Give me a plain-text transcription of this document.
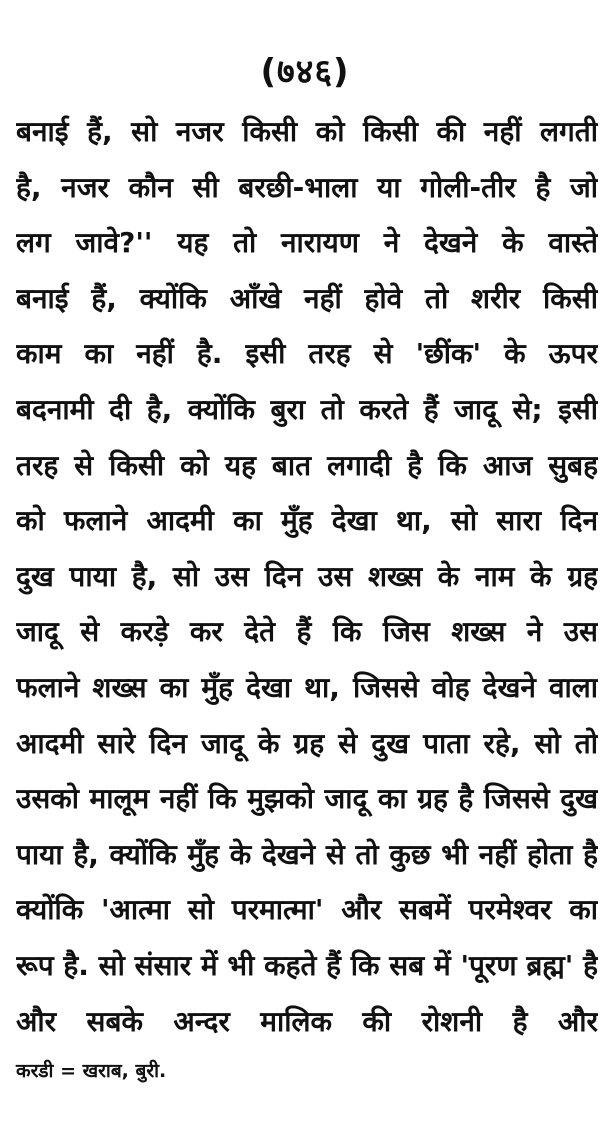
(७४६)
बनाई हैं, सो नजर किसी को किसी की नहीं लगती
है, नजर कौन सी बरछी-भाला या गोली-तीर है जो
लग जावे?'' यह तो नारायण ने देखने के वास्ते
बनाई हैं, क्योंकि आँखे नहीं होवे तो शरीर किसी
काम का नहीं है. इसी तरह से 'छींक' के ऊपर
बदनामी दी है, क्योंकि बुरा तो करते हैं जादू से; इसी
तरह से किसी को यह बात लगादी है कि आज सुबह
को फलाने आदमी का मुँह देखा था, सो सारा दिन
दुख पाया है, सो उस दिन उस शख्स के नाम के ग्रह
जादू से करड़े कर देते हैं कि जिस शख्स ने उस
फलाने शख्स का मुँह देखा था, जिससे वोह देखने वाला
आदमी सारे दिन जादू के ग्रह से दुख पाता रहे, सो तो
उसको मालूम नहीं कि मुझको जादू का ग्रह है जिससे दुख
पाया है, क्योंकि मुँह के देखने से तो कुछ भी नहीं होता है
क्योंकि 'आत्मा सो परमात्मा' और सबमें परमेश्वर का
रूप है. सो संसार में भी कहते हैं कि सब में 'पूरण ब्रह्म' है
और सबके अन्दर मालिक की रोशनी है और
करडी = खराब, बुरी.
